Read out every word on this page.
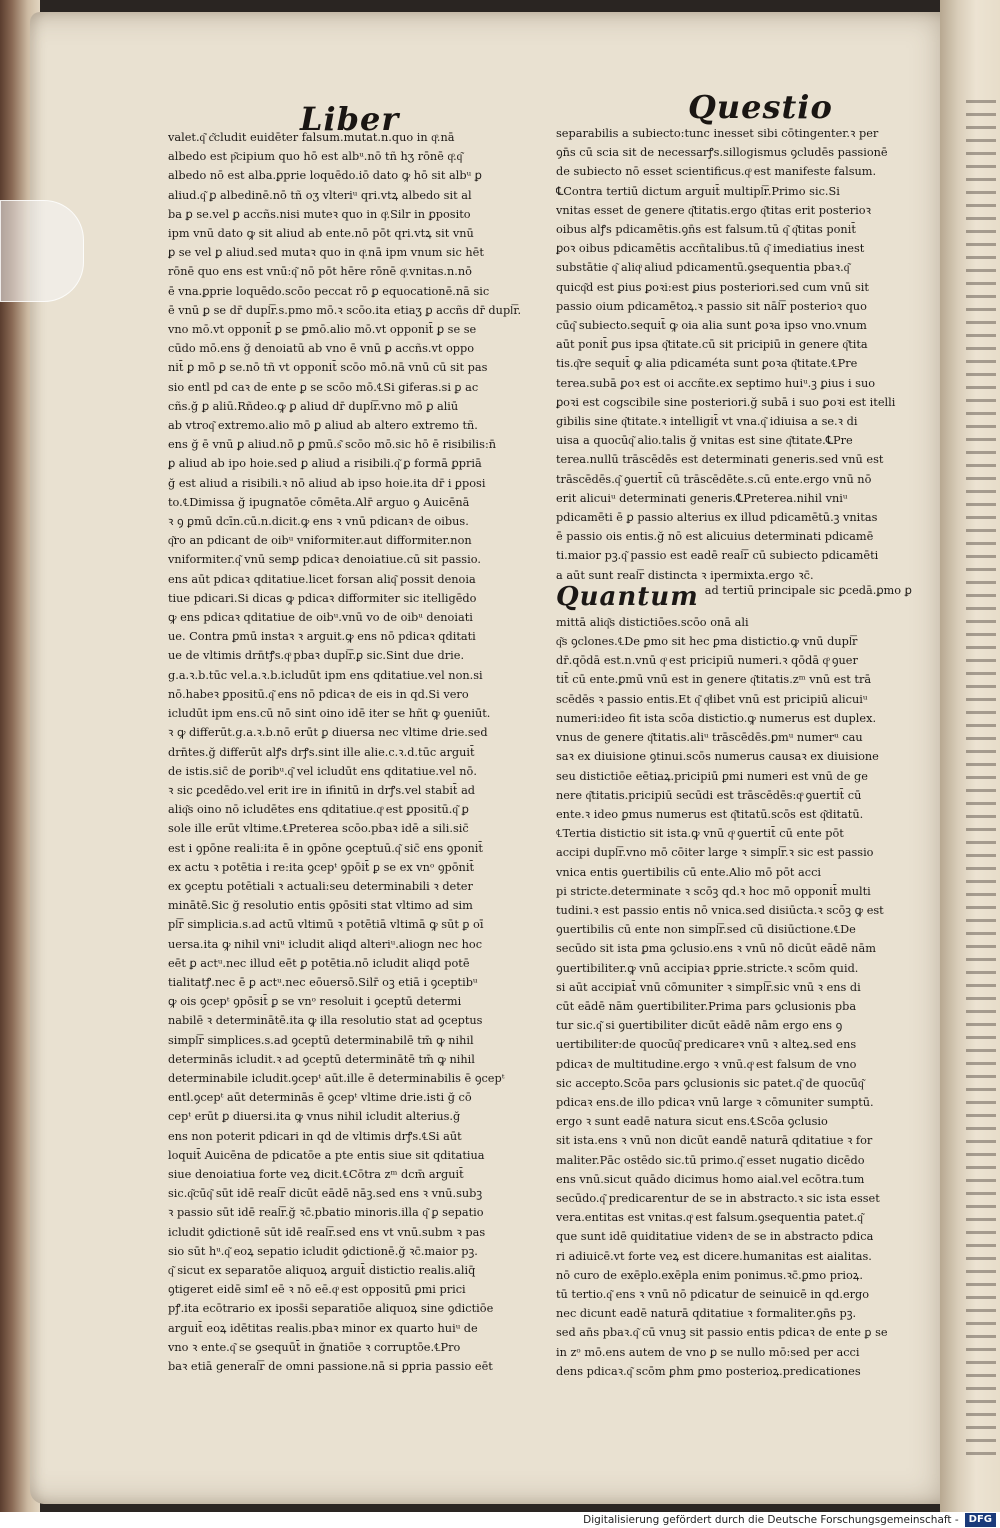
Liber	Questio
valet.q͂ c͂cludit euidēter falsum.mutat.n.quo in qͦ.nā
albedo est p͂cipium quo hō est albᵘ.nō tñ hʒ rōnē qͦ.q͂
albedo nō est alba.ꝑprie loquēdo.iō dato ꝙ hō sit albᵘ ꝑ
aliud.q͂ ꝑ albedinē.nō tñ oʒ vlteriᵘ qri.vtꝝ albedo sit al
ba ꝑ se.vel ꝑ accñs.nisi muteꝛ quo in qͦ.Silr in ꝑposito
ipm vnū dato ꝙ sit aliud ab ente.nō pōt qri.vtꝝ sit vnū
ꝑ se vel ꝑ aliud.sed mutaꝛ quo in qͦ.nā ipm vnum sic hēt
rōnē quo ens est vnū:q͂ nō pōt hēre rōnē qͦ.vnitas.n.nō
ē vna.ꝑprie loquēdo.scōo peccat rō ꝑ equocationē.nā sic
ē vnū ꝑ se dr̄ dupl͞r.s.pmo mō.ꝛ scōo.ita etiaʒ ꝑ accñs dr̄ dupl͞r.
vno mō.vt opponit̄ ꝑ se ꝑmō.alio mō.vt opponit̄ ꝑ se se
cūdo mō.ens ğ denoiatū ab vno ē vnū ꝑ accñs.vt oppo
nit̄ ꝑ mō ꝑ se.nō tñ vt opponit̄ scōo mō.nā vnū cū sit pas
sio entl pd caꝛ de ente ꝑ se scōo mō.℄Si giferas.si ꝑ ac
cñs.ğ ꝑ aliū.Rñdeo.ꝙ ꝑ aliud dr̄ dupl͞r.vno mō ꝑ aliū
ab vtroq͂ extremo.alio mō ꝑ aliud ab altero extremo tñ.
ens ğ ē vnū ꝑ aliud.nō ꝑ ꝑmū.s͂ scōo mō.sic hō ē risibilis:n̄
ꝑ aliud ab ipo hoie.sed ꝑ aliud a risibili.q͂ ꝑ formā ꝑpriā
ğ est aliud a risibili.ꝛ nō aliud ab ipso hoie.ita dr̄ i ꝑposi
to.℄Dimissa ğ ipugnatōe cōmēta.Alr̄ arguo ꝯ Auicēnā
ꝛ ꝯ ꝑmū dcīn.cū.n.dicit.ꝙ ens ꝛ vnū pdicanꝛ de oibus.
q͂ro an pdicant de oibᵘ vniformiter.aut difformiter.non
vniformiter.q͂ vnū semꝑ pdicaꝛ denoiatiue.cū sit passio.
ens aūt pdicaꝛ qditatiue.licet forsan aliq͂ possit denoia
tiue pdicari.Si dicas ꝙ pdicaꝛ difformiter sic itelligēdo
ꝙ ens pdicaꝛ qditatiue de oibᵘ.vnū vo de oibᵘ denoiati
ue. Contra ꝑmū instaꝛ ꝛ arguit.ꝙ ens nō pdicaꝛ qditati
ue de vltimis drn̄tꝭs.qͦ pbaꝛ dupl͞r.ꝑ sic.Sint due drie.
g.a.ꝛ.b.tūc vel.a.ꝛ.b.icludūt ipm ens qditatiue.vel non.si
nō.habeꝛ ꝑpositū.q͂ ens nō pdicaꝛ de eis in qd.Si vero
icludūt ipm ens.cū nō sint oino idē iter se hñt ꝙ ꝯueniūt.
ꝛ ꝙ differūt.g.a.ꝛ.b.nō erūt ꝑ diuersa nec vltime drie.sed
drn̄tes.ğ differūt alꝭs drꝭs.sint ille alie.c.ꝛ.d.tūc arguit̄
de istis.sic̄ de ꝑoribᵘ.q͂ vel icludūt ens qditatiue.vel nō.
ꝛ sic ꝑcedēdo.vel erit ire in ifinitū in drꝭs.vel stabit̄ ad
aliq͂s oino nō icludētes ens qditatiue.qͦ est ꝑpositū.q͂ ꝑ
sole ille erūt vltime.℄Preterea scōo.pbaꝛ idē a sili.sic̄
est i ꝯpōne reali:ita ē in ꝯpōne ꝯceptuū.q͂ sic̄ ens ꝯponit̄
ex actu ꝛ potētia i re:ita ꝯcepᵗ ꝯpōit̄ ꝑ se ex vnᵒ ꝯpōnit̄
ex ꝯceptu potētiali ꝛ actuali:seu determinabili ꝛ deter
minātē.Sic ğ resolutio entis ꝯpōsiti stat vltimo ad sim
pl͞r simplicia.s.ad actū vltimū ꝛ potētiā vltimā ꝙ sūt ꝑ oī
uersa.ita ꝙ nihil vniᵘ icludit aliqd alteriᵘ.aliogn nec hoc
eēt ꝑ actᵘ.nec illud eēt ꝑ potētia.nō icludit aliqd potē
tialitatꝭ.nec ē ꝑ actᵘ.nec eōuersō.Silr̄ oꝫ etiā i ꝯceptibᵘ
ꝙ ois ꝯcepᵗ ꝯpōsit̄ ꝑ se vnᵒ resoluit i ꝯceptū determi
nabilē ꝛ determinātē.ita ꝙ illa resolutio stat ad ꝯceptus
simpl͞r simplices.s.ad ꝯceptū determinabilē tm̄ ꝙ nihil
determinās icludit.ꝛ ad ꝯceptū determinātē tm̄ ꝙ nihil
determinabile icludit.ꝯcepᵗ aūt.ille ē determinabilis ē ꝯcepᵗ
entl.ꝯcepᵗ aūt determinās ē ꝯcepᵗ vltime drie.isti ğ cō
cepᵗ erūt ꝑ diuersi.ita ꝙ vnus nihil icludit alterius.ğ
ens non poterit pdicari in qd de vltimis drꝭs.℄Si aūt
loquit̄ Auicēna de pdicatōe a pte entis siue sit qditatiua
siue denoiatiua forte veꝝ dicit.℄Cōtra zᵐ dcm̄ arguit̄
sic.q͂cūq͂ sūt idē real͞r dicūt eādē nāꝫ.sed ens ꝛ vnū.subꝫ
ꝛ passio sūt idē real͞r.ğ ꝛc̄.pbatio minoris.illa q͂ ꝑ sepatio
icludit ꝯdictionē sūt idē real͞r.sed ens vt vnū.subm ꝛ pas
sio sūt hᵘ.q͂ eoꝝ sepatio icludit ꝯdictionē.ğ ꝛc̄.maior pꝫ.
q͂ sicut ex separatōe aliquoꝝ arguit̄ distictio realis.aliq̄
ꝯtigeret eidē simꝉ eē ꝛ nō eē.qͦ est oppositū ꝑmi prici
pꝭ.ita ecōtrario ex iposs̄i separatiōe aliquoꝝ sine ꝯdictiōe
arguit̄ eoꝝ idētitas realis.pbaꝛ minor ex quarto huiᵘ de
vno ꝛ ente.q͂ se ꝯsequūt̄ in ğnatiōe ꝛ corruptōe.℄Pro
baꝛ etiā general͞r de omni passione.nā si ꝑpria passio eēt
separabilis a subiecto:tunc inesset sibi cōtingenter.ꝛ per
ꝯn̄s cū scia sit de necessarꝭs.sillogismus ꝯcludēs passionē
de subiecto nō esset scientificus.qͦ est manifeste falsum.
℄Contra tertiū dictum arguit̄ multipl͞r.Primo sic.Si
vnitas esset de genere q͂titatis.ergo q͂titas erit posterioꝛ
oibus alꝭs pdicamētis.ꝯn̄s est falsum.tū q͂ q͂titas ponit̄
ꝑoꝛ oibus pdicamētis accñtalibus.tū q͂ imediatius inest
substātie q͂ aliqͦ aliud pdicamentū.ꝯsequentia pbaꝛ.q͂
quicq͂d est ꝑius ꝑoꝛi:est ꝑius posteriori.sed cum vnū sit
passio oium pdicamētoꝝ.ꝛ passio sit nāl͞r posterioꝛ quo
cūq͂ subiecto.sequit̄ ꝙ oia alia sunt ꝑoꝛa ipso vno.vnum
aūt ponit̄ ꝑus ipsa q͂titate.cū sit pricipiū in genere q͂tita
tis.q͂re sequit̄ ꝙ alia pdicaméta sunt ꝑoꝛa q͂titate.℄Pre
terea.subā ꝑoꝛ est oi accñte.ex septimo huiᵘ.ꝫ ꝑius i suo
ꝑoꝛi est cogscibile sine posteriori.ğ subā i suo ꝑoꝛi est itelli
gibilis sine q͂titate.ꝛ intelligit̄ vt vna.q͂ idiuisa a se.ꝛ di
uisa a quocūq͂ alio.talis ğ vnitas est sine q͂titate.℄Pre
terea.nullū trāscēdēs est determinati generis.sed vnū est
trāscēdēs.q͂ ꝯuertit̄ cū trāscēdēte.s.cū ente.ergo vnū nō
erit alicuiᵘ determinati generis.℄Preterea.nihil vniᵘ
pdicamēti ē ꝑ passio alterius ex illud pdicamētū.ꝫ vnitas
ē passio ois entis.ğ nō est alicuius determinati pdicamē
ti.maior pꝫ.q͂ passio est eadē real͞r cū subiecto pdicamēti
a aūt sunt real͞r distincta ꝛ ipermixta.ergo ꝛc̄.
Quantum ad tertiū principale sic ꝑcedā.ꝑmo ꝑ
mittā aliq͂s distictiōes.scōo onā ali
q͂s ꝯclones.℄De ꝑmo sit hec ꝑma distictio.ꝙ vnū dupl͞r
dr̄.qōdā est.n.vnū qͦ est pricipiū numeri.ꝛ qōdā qͦ ꝯuer
tit̄ cū ente.ꝑmū vnū est in genere q͂titatis.zᵐ vnū est trā
scēdēs ꝛ passio entis.Et q͂ qͦlibet vnū est pricipiū alicuiᵘ
numeri:ideo fit ista scōa distictio.ꝙ numerus est duplex.
vnus de genere q͂titatis.aliᵘ trāscēdēs.ꝑmᵘ numerᵘ cau
saꝛ ex diuisione ꝯtinui.scōs numerus causaꝛ ex diuisione
seu distictiōe eētiaꝝ.pricipiū ꝑmi numeri est vnū de ge
nere q͂titatis.pricipiū secūdi est trāscēdēs:qͦ ꝯuertit̄ cū
ente.ꝛ ideo ꝑmus numerus est q͂titatū.scōs est q͂ditatū.
℄Tertia distictio sit ista.ꝙ vnū qͦ ꝯuertit̄ cū ente pōt
accipi dupl͞r.vno mō cōiter large ꝛ simpl͞r.ꝛ sic est passio
vnica entis ꝯuertibilis cū ente.Alio mō pōt acci
pi stricte.determinate ꝛ scōꝫ qd.ꝛ hoc mō opponit̄ multi
tudini.ꝛ est passio entis nō vnica.sed disiūcta.ꝛ scōꝫ ꝙ est
ꝯuertibilis cū ente non simpl͞r.sed cū disiūctione.℄De
secūdo sit ista ꝑma ꝯclusio.ens ꝛ vnū nō dicūt eādē nām
ꝯuertibiliter.ꝙ vnū accipiaꝛ ꝑprie.stricte.ꝛ scōm quid.
si aūt accipiat̄ vnū cōmuniter ꝛ simpl͞r.sic vnū ꝛ ens di
cūt eādē nām ꝯuertibiliter.Prima pars ꝯclusionis pba
tur sic.q͂ si ꝯuertibiliter dicūt eādē nām ergo ens ꝯ
uertibiliter:de quocūq͂ predicareꝛ vnū ꝛ alteꝝ.sed ens
pdicaꝛ de multitudine.ergo ꝛ vnū.qͦ est falsum de vno
sic accepto.Scōa pars ꝯclusionis sic patet.q͂ de quocūq͂
pdicaꝛ ens.de illo pdicaꝛ vnū large ꝛ cōmuniter sumptū.
ergo ꝛ sunt eadē natura sicut ens.℄Scōa ꝯclusio
sit ista.ens ꝛ vnū non dicūt eandē naturā qditatiue ꝛ for
maliter.Pāc ostēdo sic.tū primo.q͂ esset nugatio dicēdo
ens vnū.sicut quādo dicimus homo aial.vel ecōtra.tum
secūdo.q͂ predicarentur de se in abstracto.ꝛ sic ista esset
vera.entitas est vnitas.qͦ est falsum.ꝯsequentia patet.q͂
que sunt idē quiditatiue videnꝛ de se in abstracto pdica
ri adiuicē.vt forte veꝝ est dicere.humanitas est aialitas.
nō curo de exēplo.exēpla enim ponimus.ꝛc̄.ꝑmo prioꝝ.
tū tertio.q͂ ens ꝛ vnū nō pdicatur de seinuicē in qd.ergo
nec dicunt eadē naturā qditatiue ꝛ formaliter.ꝯn̄s pꝫ.
sed an̄s pbaꝛ.q͂ cū vnuꝫ sit passio entis pdicaꝛ de ente ꝑ se
in zᵒ mō.ens autem de vno ꝑ se nullo mō:sed per acci
dens pdicaꝛ.q͂ scōm ꝑhm ꝑmo posterioꝝ.predicationes
Digitalisierung gefördert durch die Deutsche Forschungsgemeinschaft -	DFG
